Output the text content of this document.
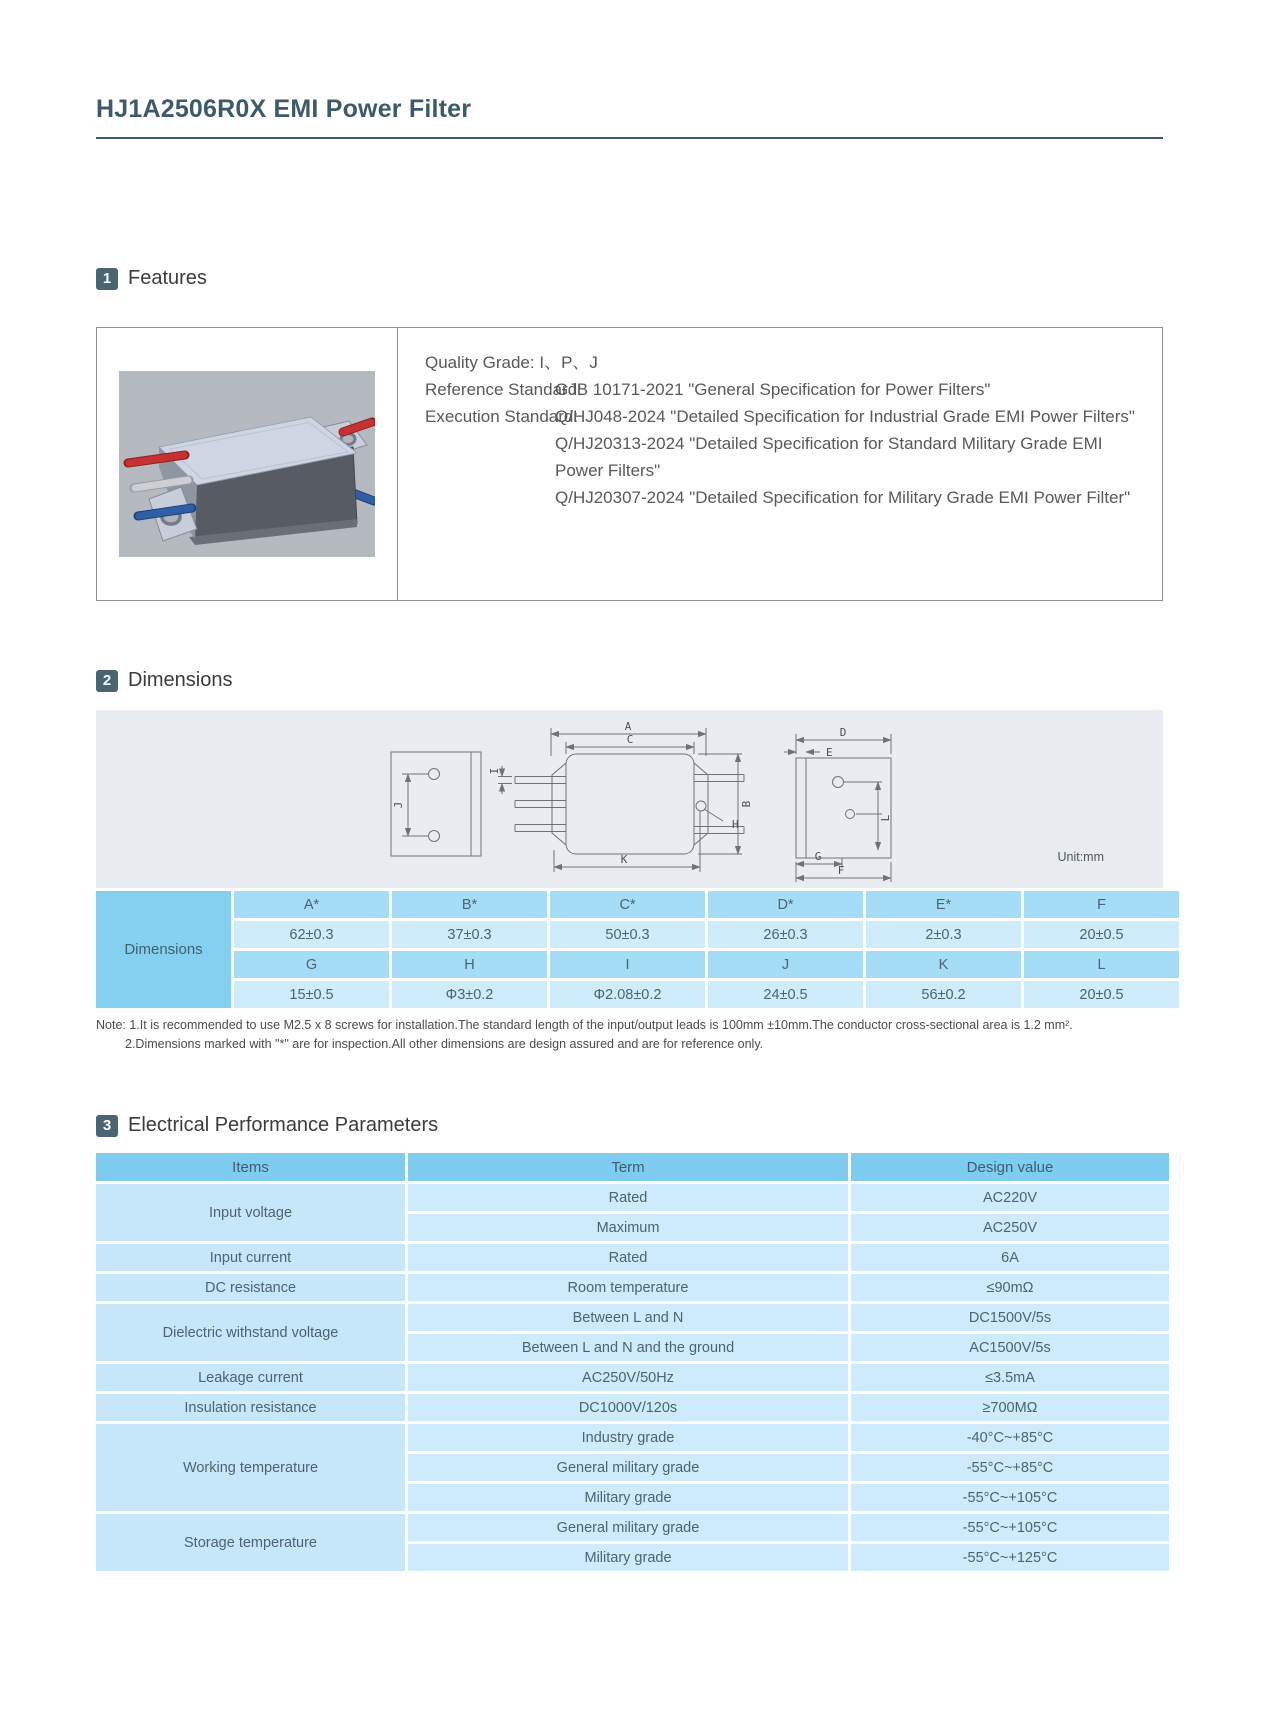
HJ1A2506R0X EMI Power Filter
1 Features
Quality Grade: I、P、J
Reference Standard:
GJB 10171-2021 "General Specification for Power Filters"
Execution Standard:

Q/HJ048-2024 "Detailed Specification for Industrial Grade EMI Power Filters"

Q/HJ20313-2024 "Detailed Specification for Standard Military Grade EMI Power Filters"

Q/HJ20307-2024 "Detailed Specification for Military Grade EMI Power Filter"

2 Dimensions
J
A
C
I
B
H
K
D
E
L
G
F
Unit:mm
Dimensions	A*	B*	C*	D*	E*	F
	62±0.3	37±0.3	50±0.3	26±0.3	2±0.3	20±0.5
	G	H	I	J	K	L
	15±0.5	Φ3±0.2	Φ2.08±0.2	24±0.5	56±0.2	20±0.5
Note: 1.It is recommended to use M2.5 x 8 screws for installation.The standard length of the input/output leads is 100mm ±10mm.The conductor cross-sectional area is 1.2 mm².
2.Dimensions marked with "*" are for inspection.All other dimensions are design assured and are for reference only.
3 Electrical Performance Parameters
Items	Term	Design value
Input voltage	Rated	AC220V
	Maximum	AC250V
Input current	Rated	6A
DC resistance	Room temperature	≤90mΩ
Dielectric withstand voltage	Between L and N	DC1500V/5s
	Between L and N and the ground	AC1500V/5s
Leakage current	AC250V/50Hz	≤3.5mA
Insulation resistance	DC1000V/120s	≥700MΩ
Working temperature	Industry grade	-40°C~+85°C
	General military grade	-55°C~+85°C
	Military grade	-55°C~+105°C
Storage temperature	General military grade	-55°C~+105°C
	Military grade	-55°C~+125°C
